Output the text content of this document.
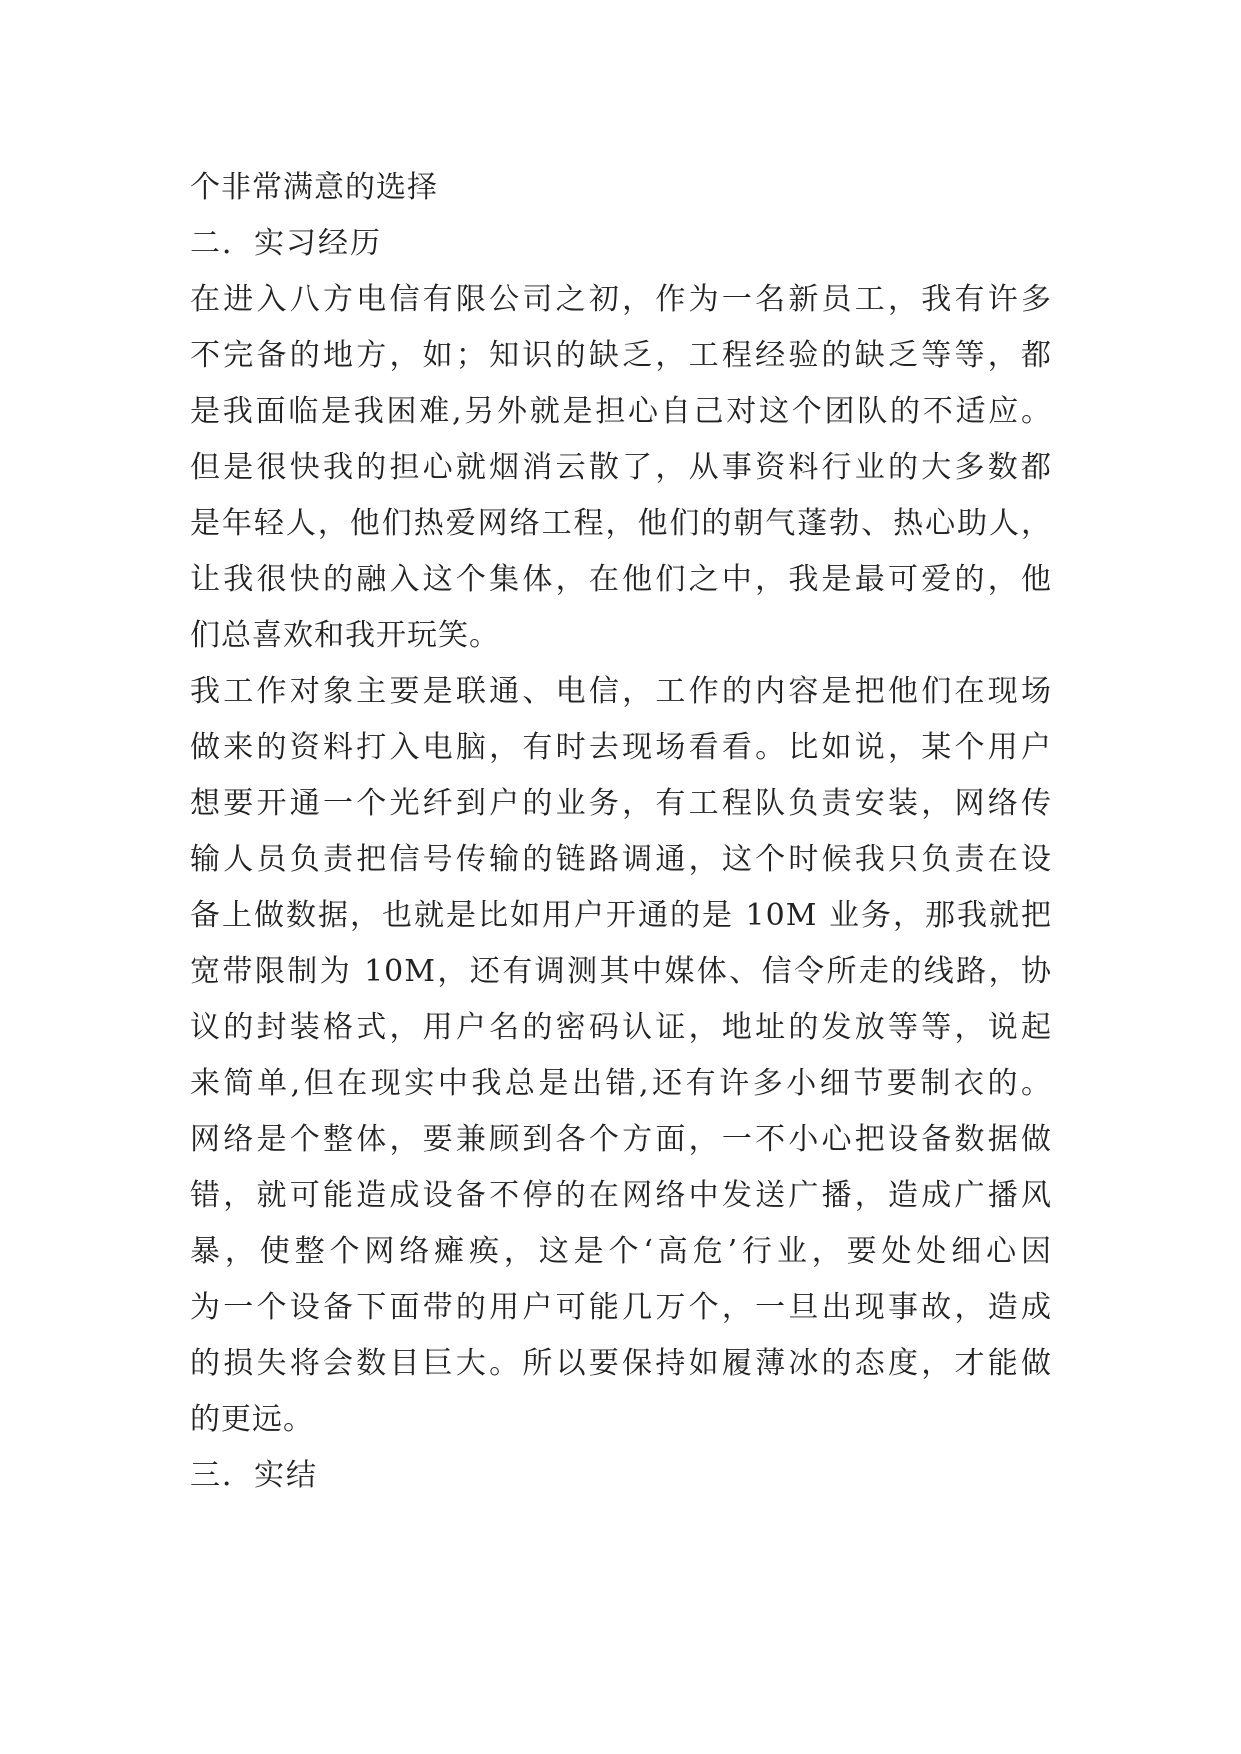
个非常满意的选择
二．实习经历
在进入八方电信有限公司之初，作为一名新员工，我有许多
不完备的地方，如；知识的缺乏，工程经验的缺乏等等，都
是我面临是我困难,另外就是担心自己对这个团队的不适应。
但是很快我的担心就烟消云散了，从事资料行业的大多数都
是年轻人，他们热爱网络工程，他们的朝气蓬勃、热心助人，
让我很快的融入这个集体，在他们之中，我是最可爱的，他
们总喜欢和我开玩笑。
我工作对象主要是联通、电信，工作的内容是把他们在现场
做来的资料打入电脑，有时去现场看看。比如说，某个用户
想要开通一个光纤到户的业务，有工程队负责安装，网络传
输人员负责把信号传输的链路调通，这个时候我只负责在设
备上做数据，也就是比如用户开通的是 10M 业务，那我就把
宽带限制为 10M，还有调测其中媒体、信令所走的线路，协
议的封装格式，用户名的密码认证，地址的发放等等，说起
来简单,但在现实中我总是出错,还有许多小细节要制衣的。
网络是个整体，要兼顾到各个方面，一不小心把设备数据做
错，就可能造成设备不停的在网络中发送广播，造成广播风
暴，使整个网络瘫痪，这是个‘高危’行业，要处处细心因
为一个设备下面带的用户可能几万个，一旦出现事故，造成
的损失将会数目巨大。所以要保持如履薄冰的态度，才能做
的更远。
三．实结
